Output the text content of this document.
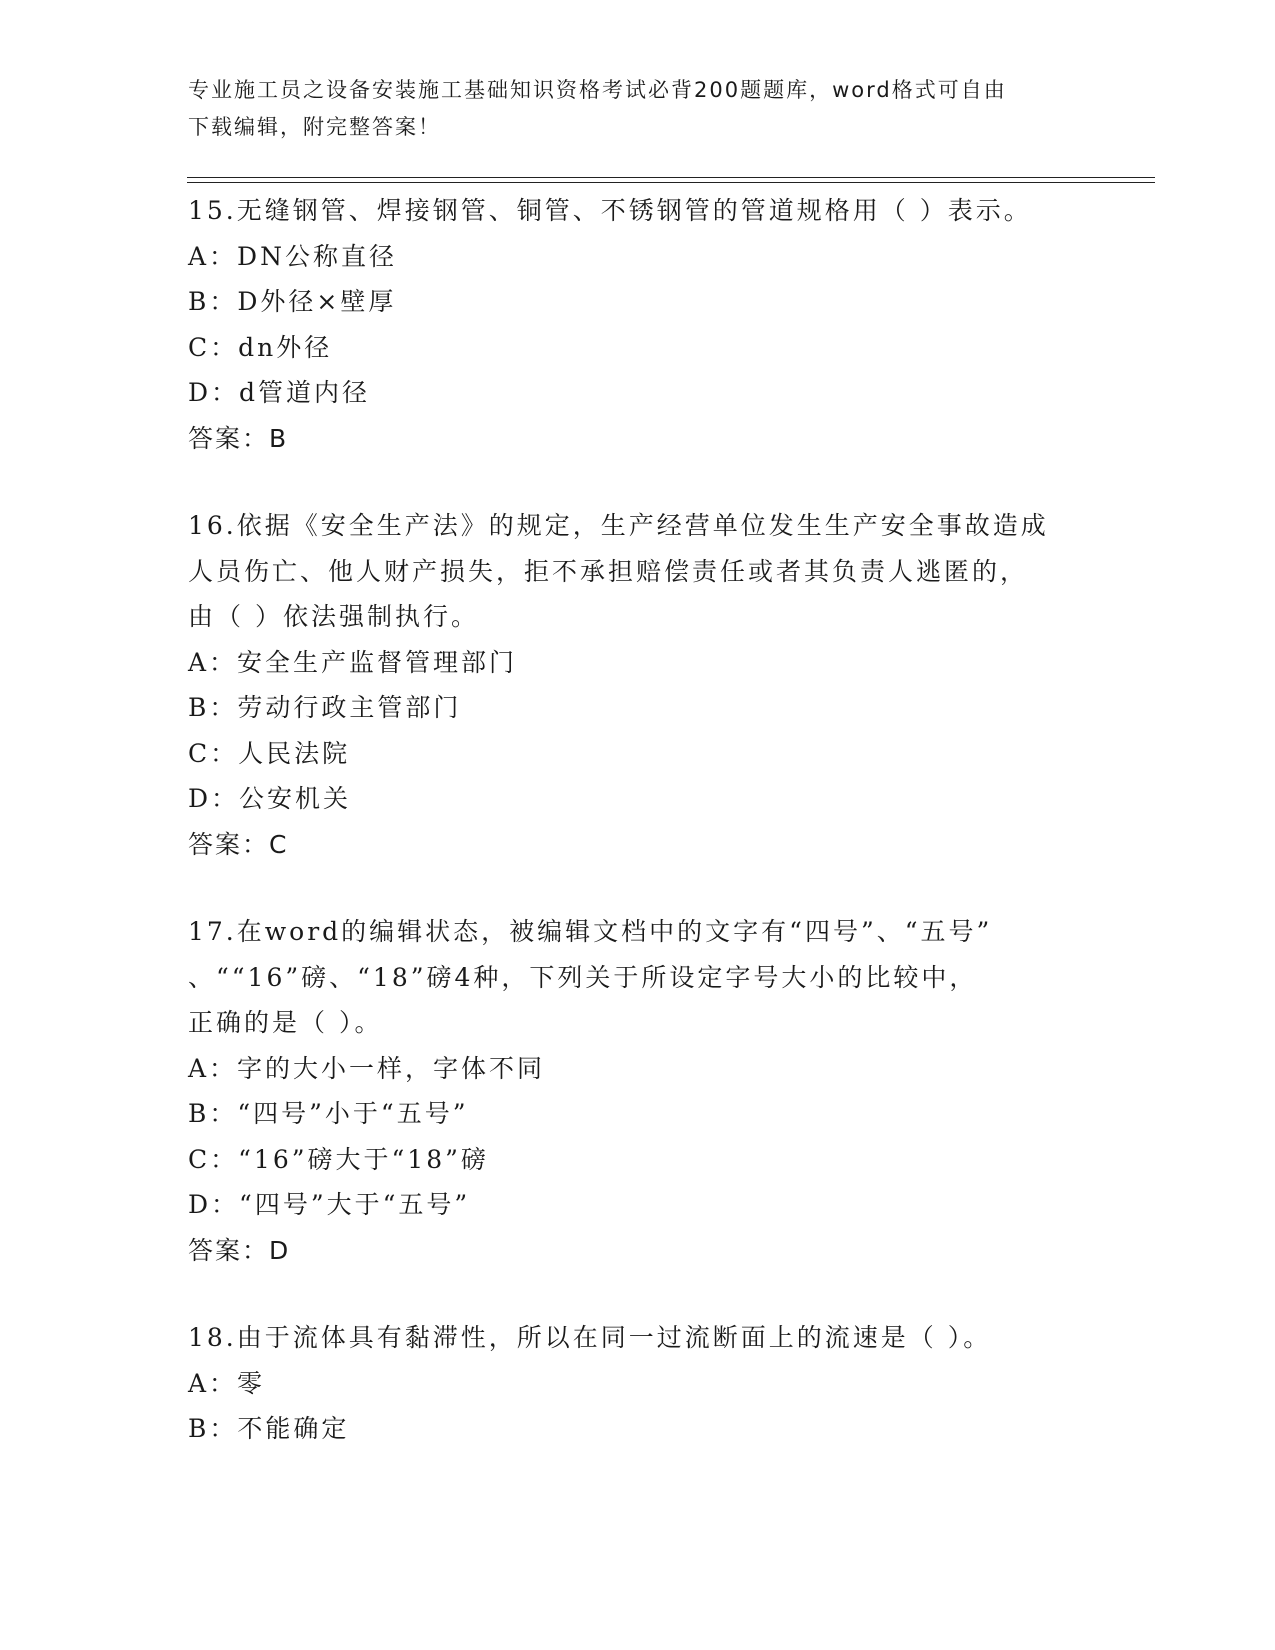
专业施工员之设备安装施工基础知识资格考试必背200题题库，word格式可自由
下载编辑，附完整答案！
15.无缝钢管、焊接钢管、铜管、不锈钢管的管道规格用（ ）表示。
A：DN公称直径
B：D外径×壁厚
C：dn外径
D：d管道内径
答案：B
16.依据《安全生产法》的规定，生产经营单位发生生产安全事故造成
人员伤亡、他人财产损失，拒不承担赔偿责任或者其负责人逃匿的，
由（ ）依法强制执行。
A：安全生产监督管理部门
B：劳动行政主管部门
C：人民法院
D：公安机关
答案：C
17.在word的编辑状态，被编辑文档中的文字有“四号”、“五号”
、““16”磅、“18”磅4种，下列关于所设定字号大小的比较中，
正确的是（ ）。
A：字的大小一样，字体不同
B：“四号”小于“五号”
C：“16”磅大于“18”磅
D：“四号”大于“五号”
答案：D
18.由于流体具有黏滞性，所以在同一过流断面上的流速是（ ）。
A：零
B：不能确定
